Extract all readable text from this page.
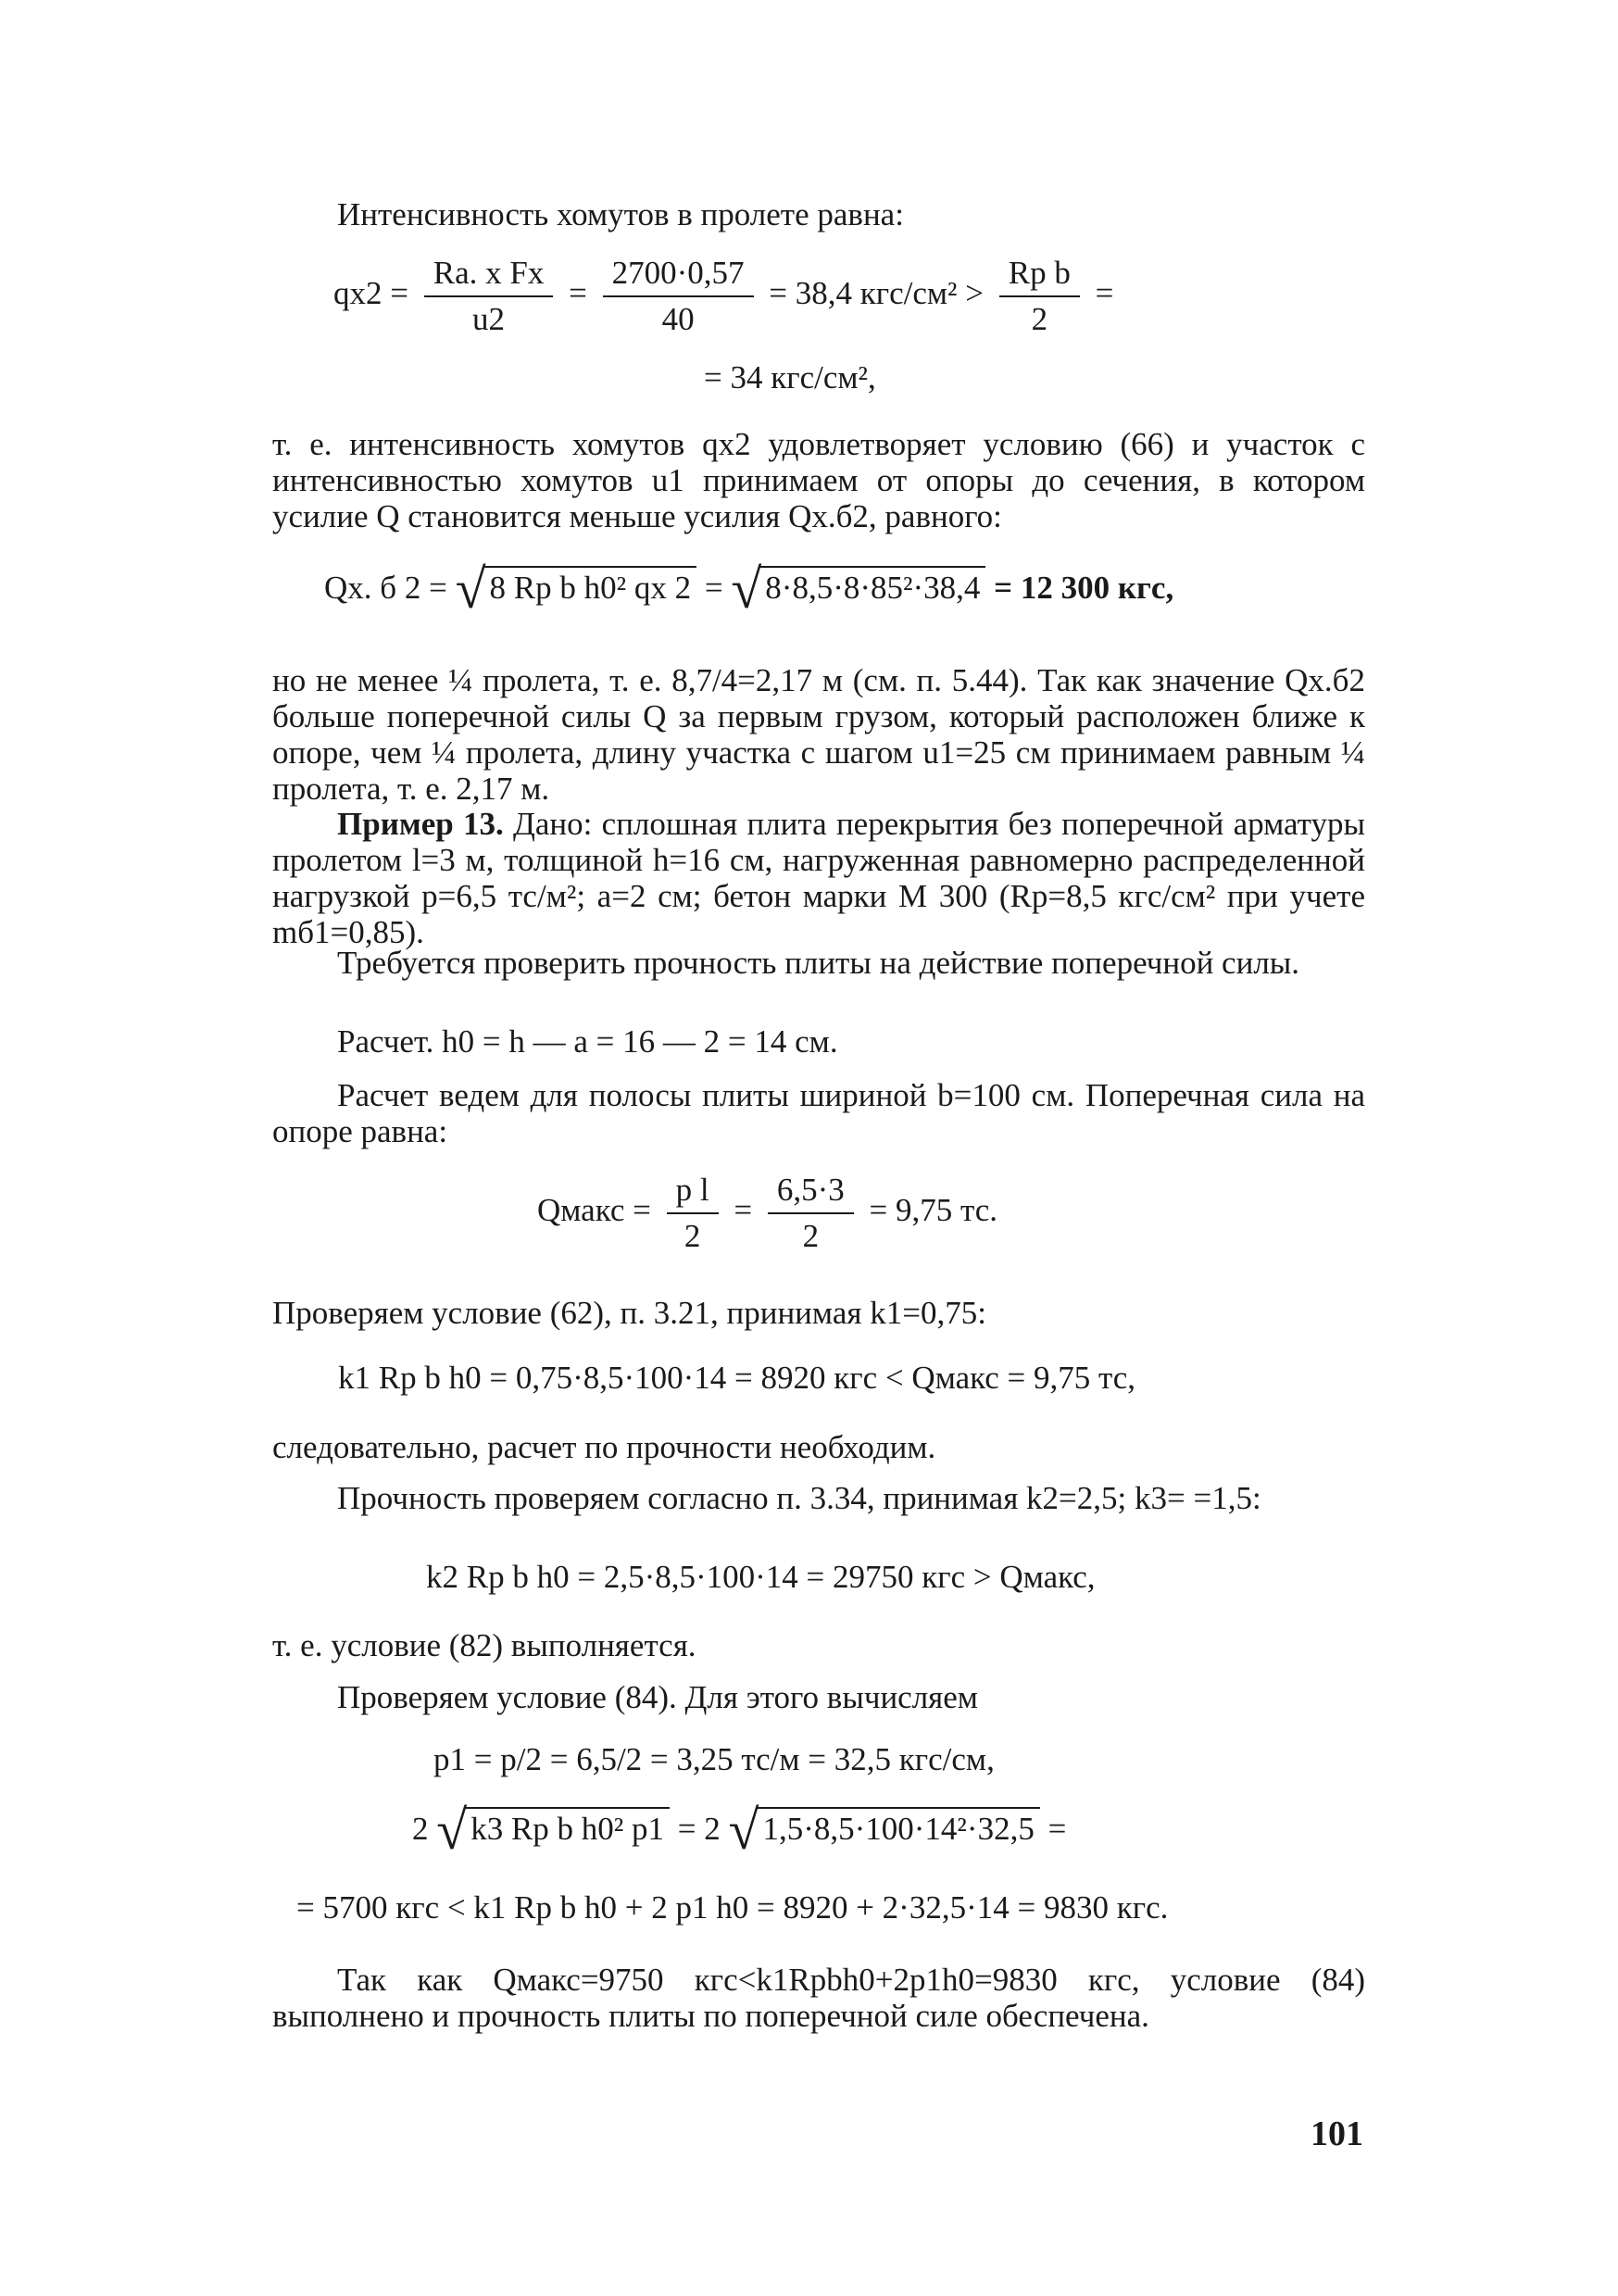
Интенсивность хомутов в пролете равна:
$qx2 = \frac{\text{Ra. x Fx}}{u2} = \frac{2700\cdot 0,57}{40} = 38,4$ $кгс/см^2 > \frac{\text{Rp b}}{2}$ =
= 34 кгс/см²,
т. е. интенсивность хомутов qx2 удовлетворяет условию (66) и участок с интенсивностью хомутов u1 принимаем от опоры до сечения, в котором усилие Q становится меньше усилия Qx.б2, равного:
Qx. б 2 = √ 8 Rp b h0² qx 2 = √ 8·8,5·8·85²·38,4 = 12 300 кгс,
но не менее ¼ пролета, т. е. 8,7/4=2,17 м (см. п. 5.44). Так как значение Qx.б2 больше поперечной силы Q за первым грузом, который расположен ближе к опоре, чем ¼ пролета, длину участка с шагом u1=25 см принимаем равным ¼ пролета, т. е. 2,17 м.
Пример 13. Дано: сплошная плита перекрытия без поперечной арматуры пролетом l=3 м, толщиной h=16 см, нагруженная равномерно распределенной нагрузкой p=6,5 тс/м²; a=2 см; бетон марки М 300 (Rp=8,5 кгс/см² при учете mб1=0,85).
Требуется проверить прочность плиты на действие поперечной силы.
Расчет. h0 = h — a = 16 — 2 = 14 см.
Расчет ведем для полосы плиты шириной b=100 см. Поперечная сила на опоре равна:
Qмакс = $\frac{\text{p l}}{2} = \frac{6,5\cdot 3}{2} = 9,75$ тс.
Проверяем условие (62), п. 3.21, принимая k1=0,75:
k1 Rp b h0 = 0,75·8,5·100·14 = 8920 кгс < Qмакс = 9,75 тс,
следовательно, расчет по прочности необходим.
Прочность проверяем согласно п. 3.34, принимая k2=2,5; k3= =1,5:
k2 Rp b h0 = 2,5·8,5·100·14 = 29750 кгс > Qмакс,
т. е. условие (82) выполняется.
Проверяем условие (84). Для этого вычисляем
p1 = p/2 = 6,5/2 = 3,25 тс/м = 32,5 кгс/см,
2 √ k3 Rp b h0² p1 = 2 √ 1,5·8,5·100·14²·32,5 =
= 5700 кгс < k1 Rp b h0 + 2 p1 h0 = 8920 + 2·32,5·14 = 9830 кгс.
Так как Qмакс=9750 кгс<k1Rpbh0+2p1h0=9830 кгс, условие (84) выполнено и прочность плиты по поперечной силе обеспечена.
101
